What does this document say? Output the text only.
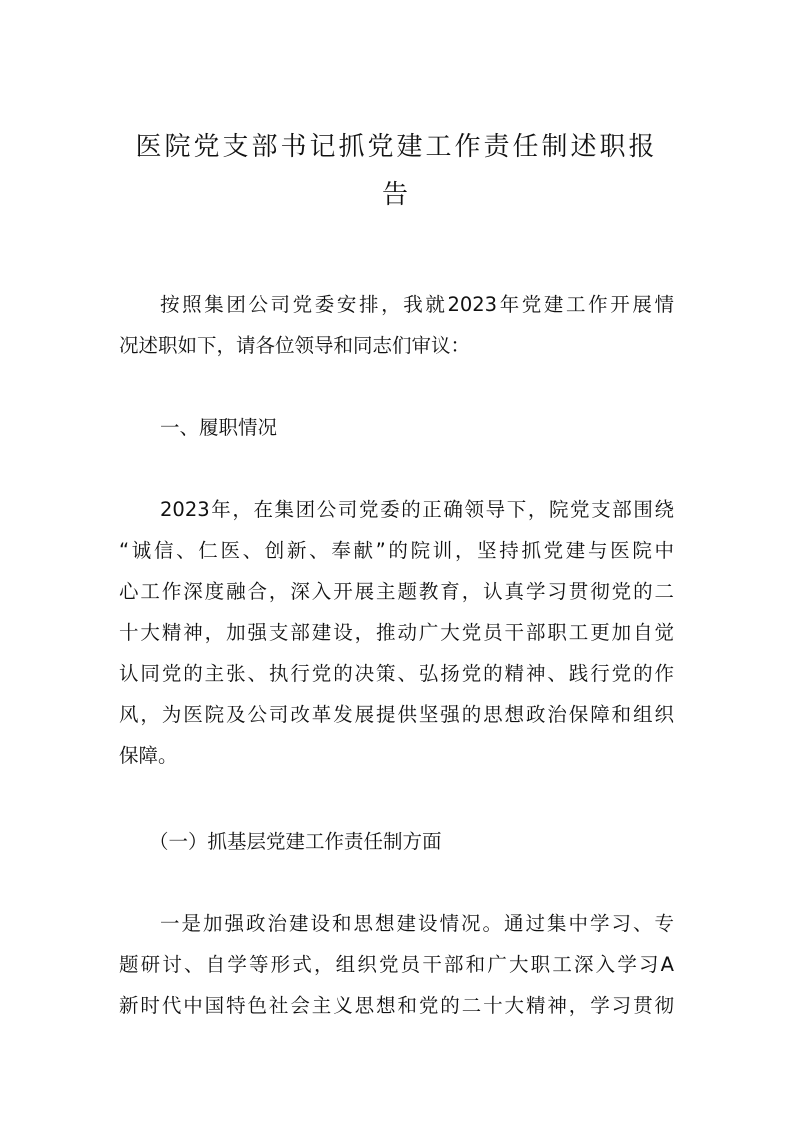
医院党支部书记抓党建工作责任制述职报
告
按照集团公司党委安排，我就2023年党建工作开展情
况述职如下，请各位领导和同志们审议：
一、履职情况
2023年，在集团公司党委的正确领导下，院党支部围绕
“诚信、仁医、创新、奉献”的院训，坚持抓党建与医院中
心工作深度融合，深入开展主题教育，认真学习贯彻党的二
十大精神，加强支部建设，推动广大党员干部职工更加自觉
认同党的主张、执行党的决策、弘扬党的精神、践行党的作
风，为医院及公司改革发展提供坚强的思想政治保障和组织
保障。
（一）抓基层党建工作责任制方面
一是加强政治建设和思想建设情况。通过集中学习、专
题研讨、自学等形式，组织党员干部和广大职工深入学习A
新时代中国特色社会主义思想和党的二十大精神，学习贯彻
